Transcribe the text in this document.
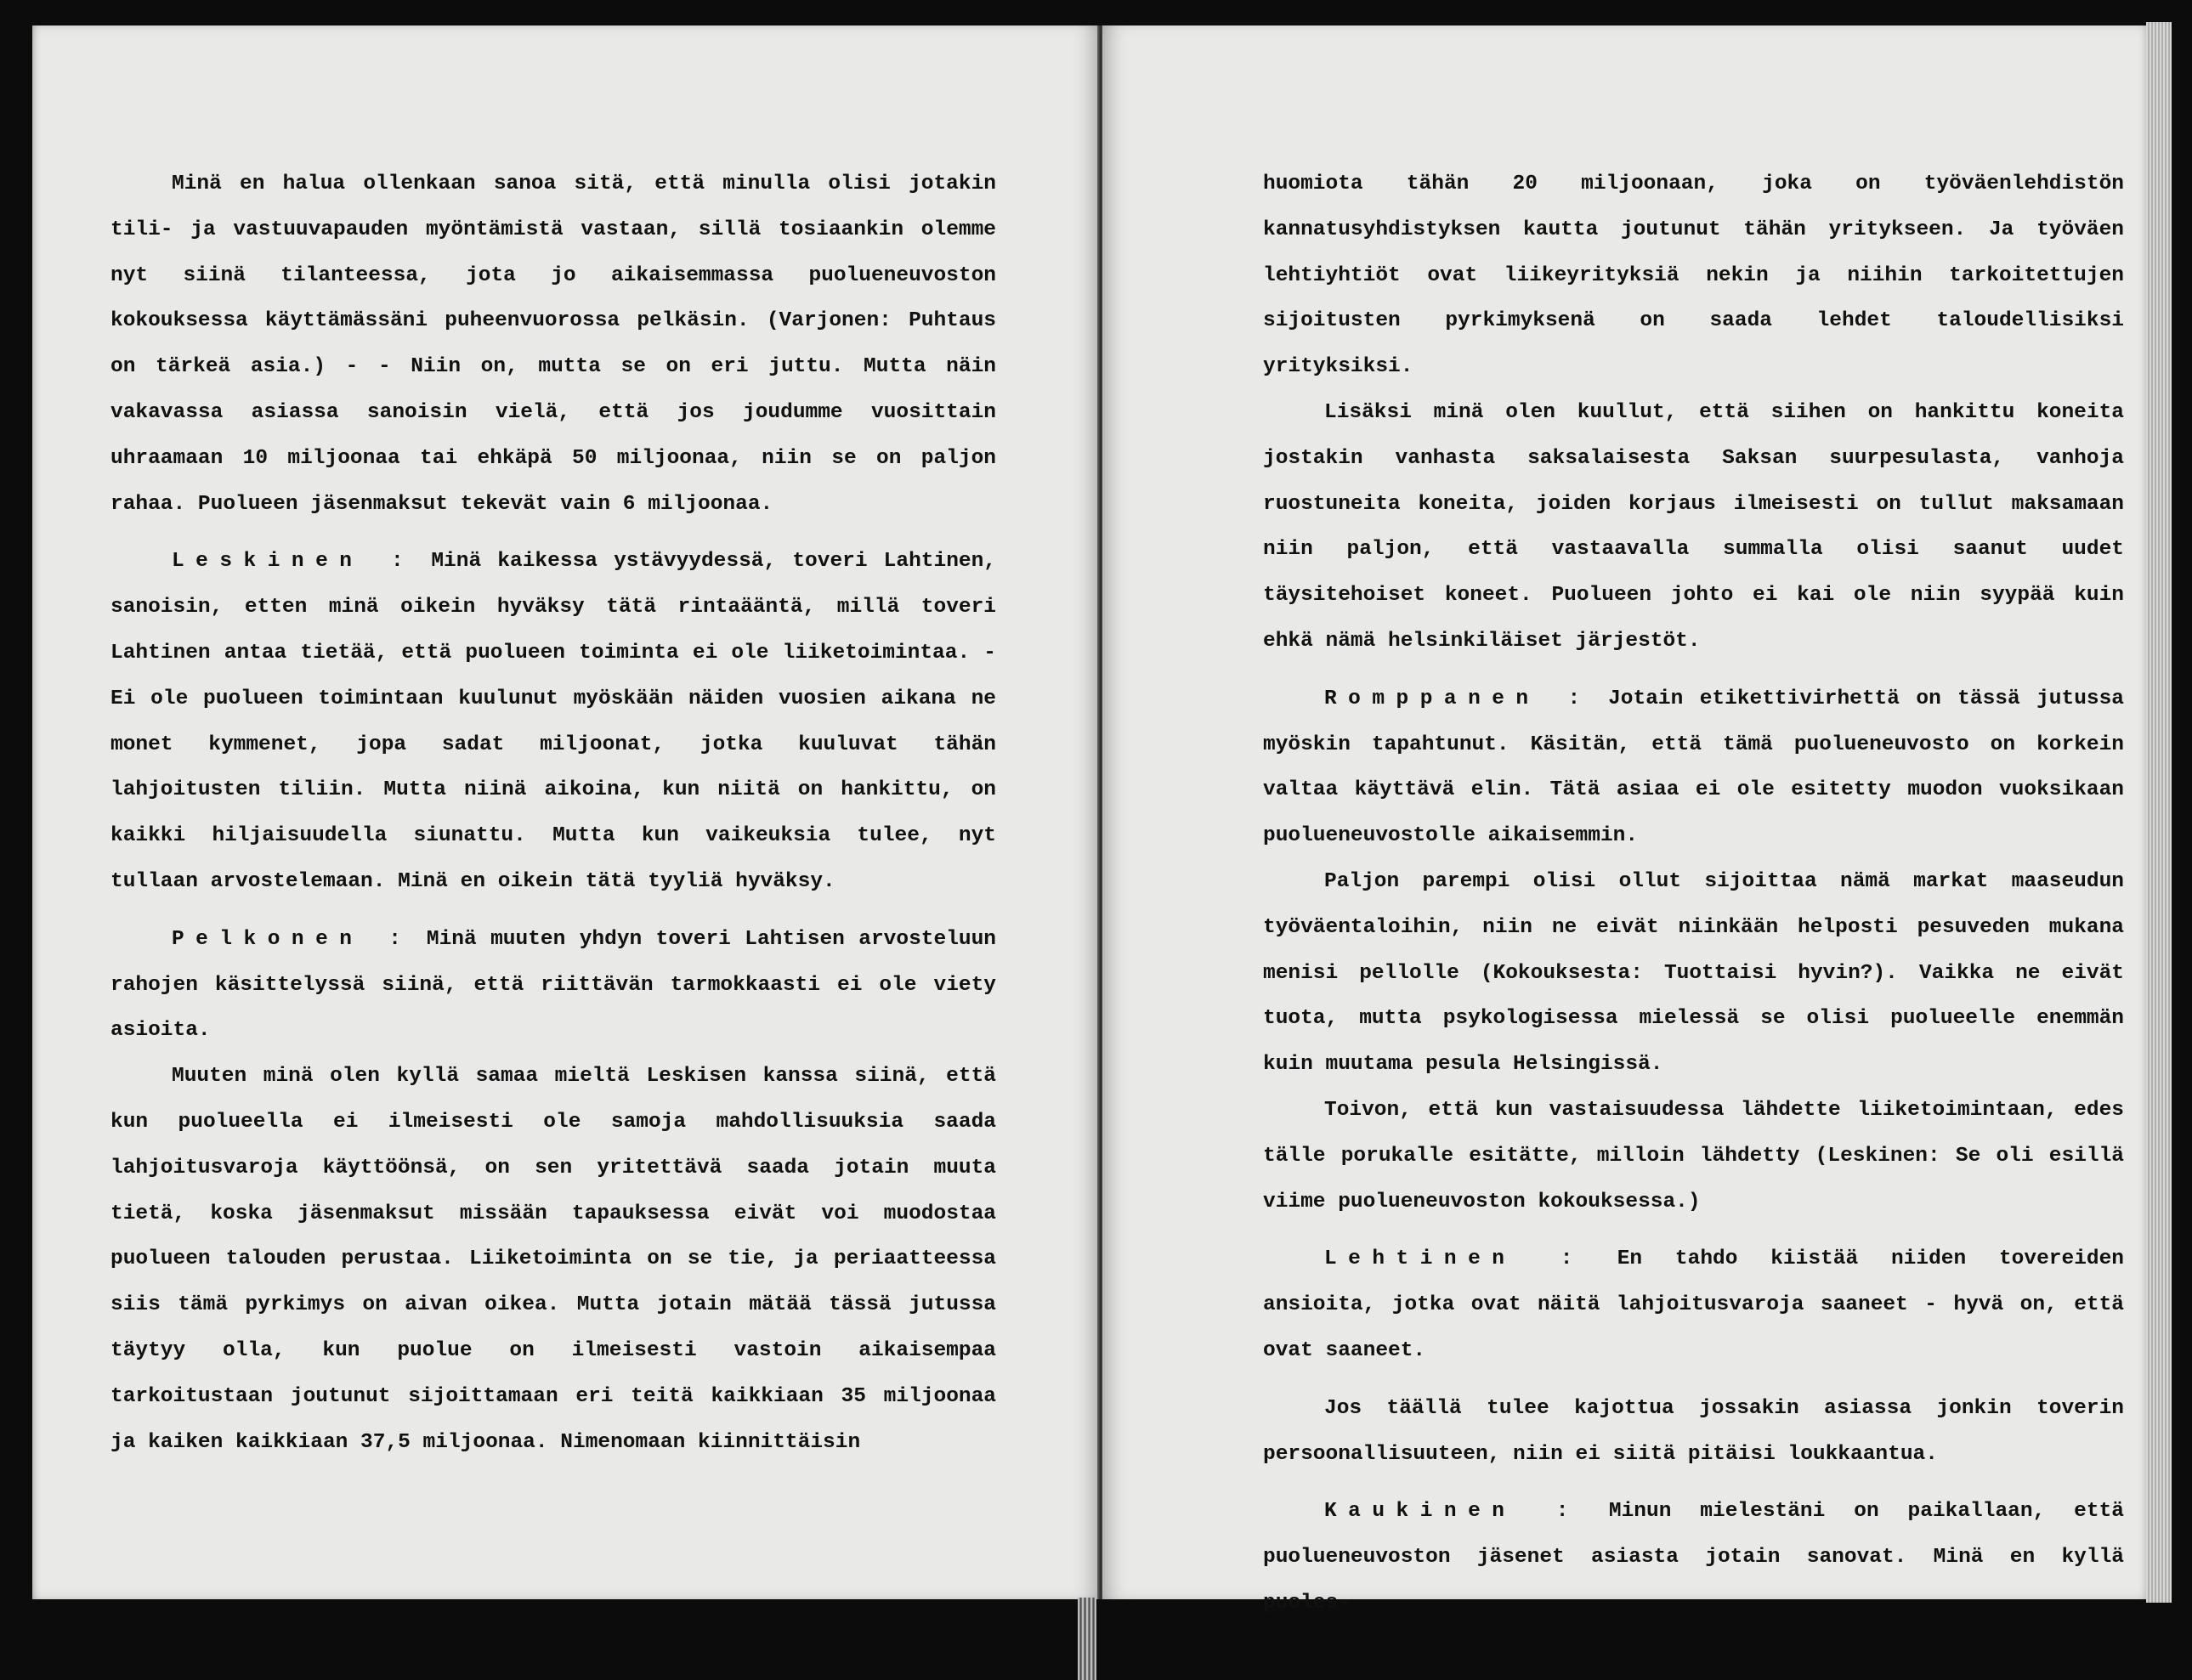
Minä en halua ollenkaan sanoa sitä, että minulla olisi jotakin tili- ja vastuuvapauden myöntämistä vastaan, sillä tosiaankin olemme nyt siinä tilanteessa, jota jo aikaisemmassa puolueneuvoston kokouksessa käyttämässäni puheenvuorossa pelkäsin. (Varjonen: Puhtaus on tärkeä asia.) - - Niin on, mutta se on eri juttu. Mutta näin vakavassa asiassa sanoisin vielä, että jos joudumme vuosittain uhraamaan 10 miljoonaa tai ehkäpä 50 miljoonaa, niin se on paljon rahaa. Puolueen jäsenmaksut tekevät vain 6 miljoonaa.

Leskinen : Minä kaikessa ystävyydessä, toveri Lahtinen, sanoisin, etten minä oikein hyväksy tätä rintaääntä, millä toveri Lahtinen antaa tietää, että puolueen toiminta ei ole liiketoimintaa. - Ei ole puolueen toimintaan kuulunut myöskään näiden vuosien aikana ne monet kymmenet, jopa sadat miljoonat, jotka kuuluvat tähän lahjoitusten tiliin. Mutta niinä aikoina, kun niitä on hankittu, on kaikki hiljaisuudella siunattu. Mutta kun vaikeuksia tulee, nyt tullaan arvostelemaan. Minä en oikein tätä tyyliä hyväksy.

Pelkonen : Minä muuten yhdyn toveri Lahtisen arvosteluun rahojen käsittelyssä siinä, että riittävän tarmokkaasti ei ole viety asioita.

Muuten minä olen kyllä samaa mieltä Leskisen kanssa siinä, että kun puolueella ei ilmeisesti ole samoja mahdollisuuksia saada lahjoitusvaroja käyttöönsä, on sen yritettävä saada jotain muuta tietä, koska jäsenmaksut missään tapauksessa eivät voi muodostaa puolueen talouden perustaa. Liiketoiminta on se tie, ja periaatteessa siis tämä pyrkimys on aivan oikea. Mutta jotain mätää tässä jutussa täytyy olla, kun puolue on ilmeisesti vastoin aikaisempaa tarkoitustaan joutunut sijoittamaan eri teitä kaikkiaan 35 miljoonaa ja kaiken kaikkiaan 37,5 miljoonaa. Nimenomaan kiinnittäisin

huomiota tähän 20 miljoonaan, joka on työväenlehdistön kannatusyhdistyksen kautta joutunut tähän yritykseen. Ja työväen lehtiyhtiöt ovat liikeyrityksiä nekin ja niihin tarkoitettujen sijoitusten pyrkimyksenä on saada lehdet taloudellisiksi yrityksiksi.

Lisäksi minä olen kuullut, että siihen on hankittu koneita jostakin vanhasta saksalaisesta Saksan suurpesulasta, vanhoja ruostuneita koneita, joiden korjaus ilmeisesti on tullut maksamaan niin paljon, että vastaavalla summalla olisi saanut uudet täysitehoiset koneet. Puolueen johto ei kai ole niin syypää kuin ehkä nämä helsinkiläiset järjestöt.

Romppanen : Jotain etikettivirhettä on tässä jutussa myöskin tapahtunut. Käsitän, että tämä puolueneuvosto on korkein valtaa käyttävä elin. Tätä asiaa ei ole esitetty muodon vuoksikaan puolueneuvostolle aikaisemmin.

Paljon parempi olisi ollut sijoittaa nämä markat maaseudun työväentaloihin, niin ne eivät niinkään helposti pesuveden mukana menisi pellolle (Kokouksesta: Tuottaisi hyvin?). Vaikka ne eivät tuota, mutta psykologisessa mielessä se olisi puolueelle enemmän kuin muutama pesula Helsingissä.

Toivon, että kun vastaisuudessa lähdette liiketoimintaan, edes tälle porukalle esitätte, milloin lähdetty (Leskinen: Se oli esillä viime puolueneuvoston kokouksessa.)

Lehtinen : En tahdo kiistää niiden tovereiden ansioita, jotka ovat näitä lahjoitusvaroja saaneet - hyvä on, että ovat saaneet.

Jos täällä tulee kajottua jossakin asiassa jonkin toverin persoonallisuuteen, niin ei siitä pitäisi loukkaantua.

Kaukinen : Minun mielestäni on paikallaan, että puolueneuvoston jäsenet asiasta jotain sanovat. Minä en kyllä puoles-
